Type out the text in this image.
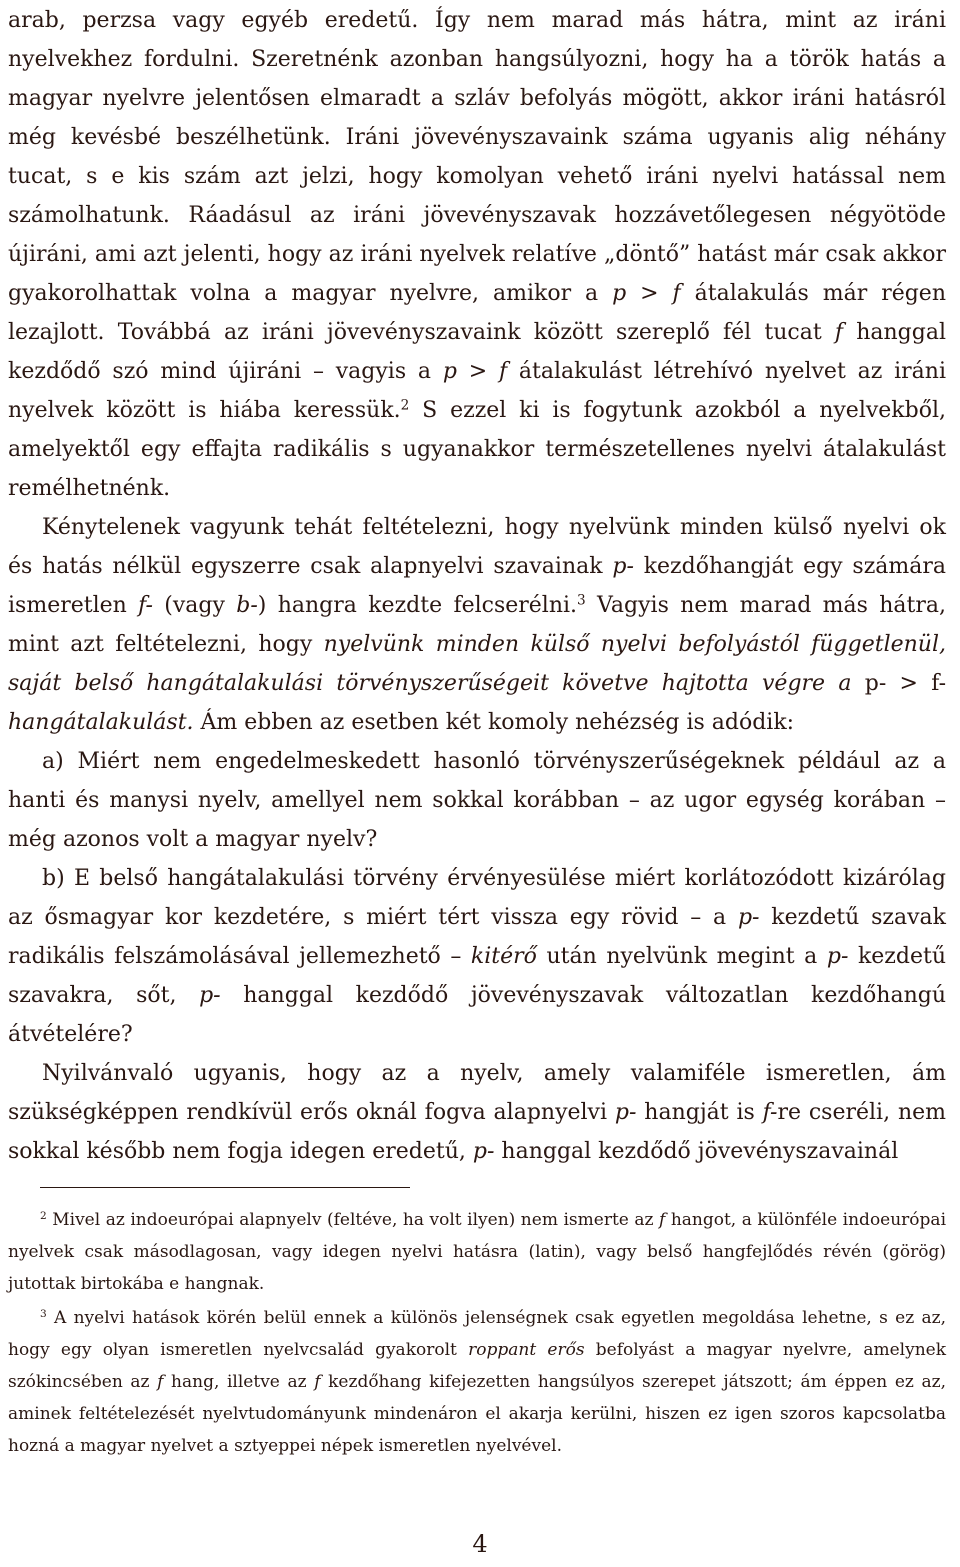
arab, perzsa vagy egyéb eredetű. Így nem marad más hátra, mint az iráni nyelvekhez fordulni. Szeretnénk azonban hangsúlyozni, hogy ha a török hatás a magyar nyelvre jelentősen elmaradt a szláv befolyás mögött, akkor iráni hatásról még kevésbé beszélhetünk. Iráni jövevényszavaink száma ugyanis alig néhány tucat, s e kis szám azt jelzi, hogy komolyan vehető iráni nyelvi hatással nem számolhatunk. Ráadásul az iráni jövevényszavak hozzávetőlegesen négyötöde újiráni, ami azt jelenti, hogy az iráni nyelvek relatíve „döntő” hatást már csak akkor gyakorolhattak volna a magyar nyelvre, amikor a p > f átalakulás már régen lezajlott. Továbbá az iráni jövevényszavaink között szereplő fél tucat f hanggal kezdődő szó mind újiráni – vagyis a p > f átalakulást létrehívó nyelvet az iráni nyelvek között is hiába keressük.$^2$ S ezzel ki is fogytunk azokból a nyelvekből, amelyektől egy effajta radikális s ugyanakkor természetellenes nyelvi átalakulást remélhetnénk.

Kénytelenek vagyunk tehát feltételezni, hogy nyelvünk minden külső nyelvi ok és hatás nélkül egyszerre csak alapnyelvi szavainak p- kezdőhangját egy számára ismeretlen f- (vagy b-) hangra kezdte felcserélni.$^3$ Vagyis nem marad más hátra, mint azt feltételezni, hogy nyelvünk minden külső nyelvi befolyástól függetlenül, saját belső hangátalakulási törvényszerűségeit követve hajtotta végre a p- > f- hangátalakulást. Ám ebben az esetben két komoly nehézség is adódik:

a) Miért nem engedelmeskedett hasonló törvényszerűségeknek például az a hanti és manysi nyelv, amellyel nem sokkal korábban – az ugor egység korában – még azonos volt a magyar nyelv?

b) E belső hangátalakulási törvény érvényesülése miért korlátozódott kizárólag az ősmagyar kor kezdetére, s miért tért vissza egy rövid – a p- kezdetű szavak radikális felszámolásával jellemezhető – kitérő után nyelvünk megint a p- kezdetű szavakra, sőt, p- hanggal kezdődő jövevényszavak változatlan kezdőhangú átvételére?

Nyilvánvaló ugyanis, hogy az a nyelv, amely valamiféle ismeretlen, ám szükségképpen rendkívül erős oknál fogva alapnyelvi p- hangját is f-re cseréli, nem sokkal később nem fogja idegen eredetű, p- hanggal kezdődő jövevényszavainál

$^2$ Mivel az indoeurópai alapnyelv (feltéve, ha volt ilyen) nem ismerte az f hangot, a különféle indoeurópai nyelvek csak másodlagosan, vagy idegen nyelvi hatásra (latin), vagy belső hangfejlődés révén (görög) jutottak birtokába e hangnak.

$^3$ A nyelvi hatások körén belül ennek a különös jelenségnek csak egyetlen megoldása lehetne, s ez az, hogy egy olyan ismeretlen nyelvcsalád gyakorolt roppant erős befolyást a magyar nyelvre, amelynek szókincsében az f hang, illetve az f kezdőhang kifejezetten hangsúlyos szerepet játszott; ám éppen ez az, aminek feltételezését nyelvtudományunk mindenáron el akarja kerülni, hiszen ez igen szoros kapcsolatba hozná a magyar nyelvet a sztyeppei népek ismeretlen nyelvével.

4
